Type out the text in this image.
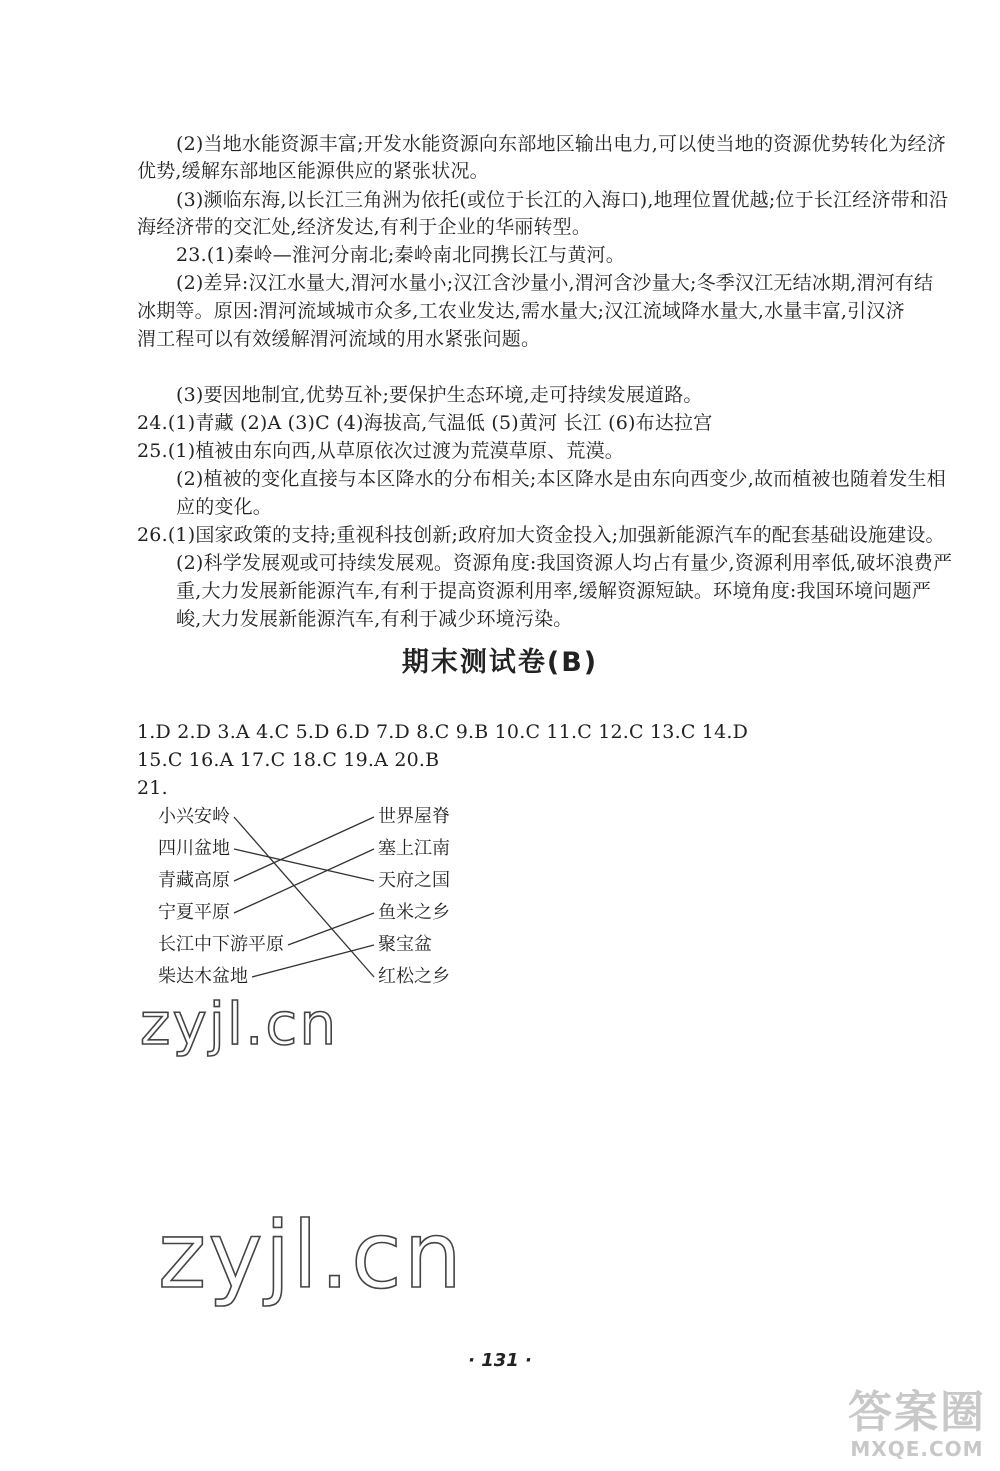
(2)当地水能资源丰富;开发水能资源向东部地区输出电力,可以使当地的资源优势转化为经济
优势,缓解东部地区能源供应的紧张状况。
(3)濒临东海,以长江三角洲为依托(或位于长江的入海口),地理位置优越;位于长江经济带和沿
海经济带的交汇处,经济发达,有利于企业的华丽转型。
23.(1)秦岭—淮河分南北;秦岭南北同携长江与黄河。
(2)差异:汉江水量大,渭河水量小;汉江含沙量小,渭河含沙量大;冬季汉江无结冰期,渭河有结
冰期等。原因:渭河流域城市众多,工农业发达,需水量大;汉江流域降水量大,水量丰富,引汉济
渭工程可以有效缓解渭河流域的用水紧张问题。
(3)要因地制宜,优势互补;要保护生态环境,走可持续发展道路。
24.(1)青藏 (2)A (3)C (4)海拔高,气温低 (5)黄河 长江 (6)布达拉宫
25.(1)植被由东向西,从草原依次过渡为荒漠草原、荒漠。
(2)植被的变化直接与本区降水的分布相关;本区降水是由东向西变少,故而植被也随着发生相
应的变化。
26.(1)国家政策的支持;重视科技创新;政府加大资金投入;加强新能源汽车的配套基础设施建设。
(2)科学发展观或可持续发展观。资源角度:我国资源人均占有量少,资源利用率低,破坏浪费严
重,大力发展新能源汽车,有利于提高资源利用率,缓解资源短缺。环境角度:我国环境问题严
峻,大力发展新能源汽车,有利于减少环境污染。
期末测试卷(B)
1.D 2.D 3.A 4.C 5.D 6.D 7.D 8.C 9.B 10.C 11.C 12.C 13.C 14.D
15.C 16.A 17.C 18.C 19.A 20.B
21.
小兴安岭
四川盆地
青藏高原
宁夏平原
长江中下游平原
柴达木盆地
世界屋脊
塞上江南
天府之国
鱼米之乡
聚宝盆
红松之乡
zyjl.cn
zyjl.cn
· 131 ·
答案圈
MXQE.COM
